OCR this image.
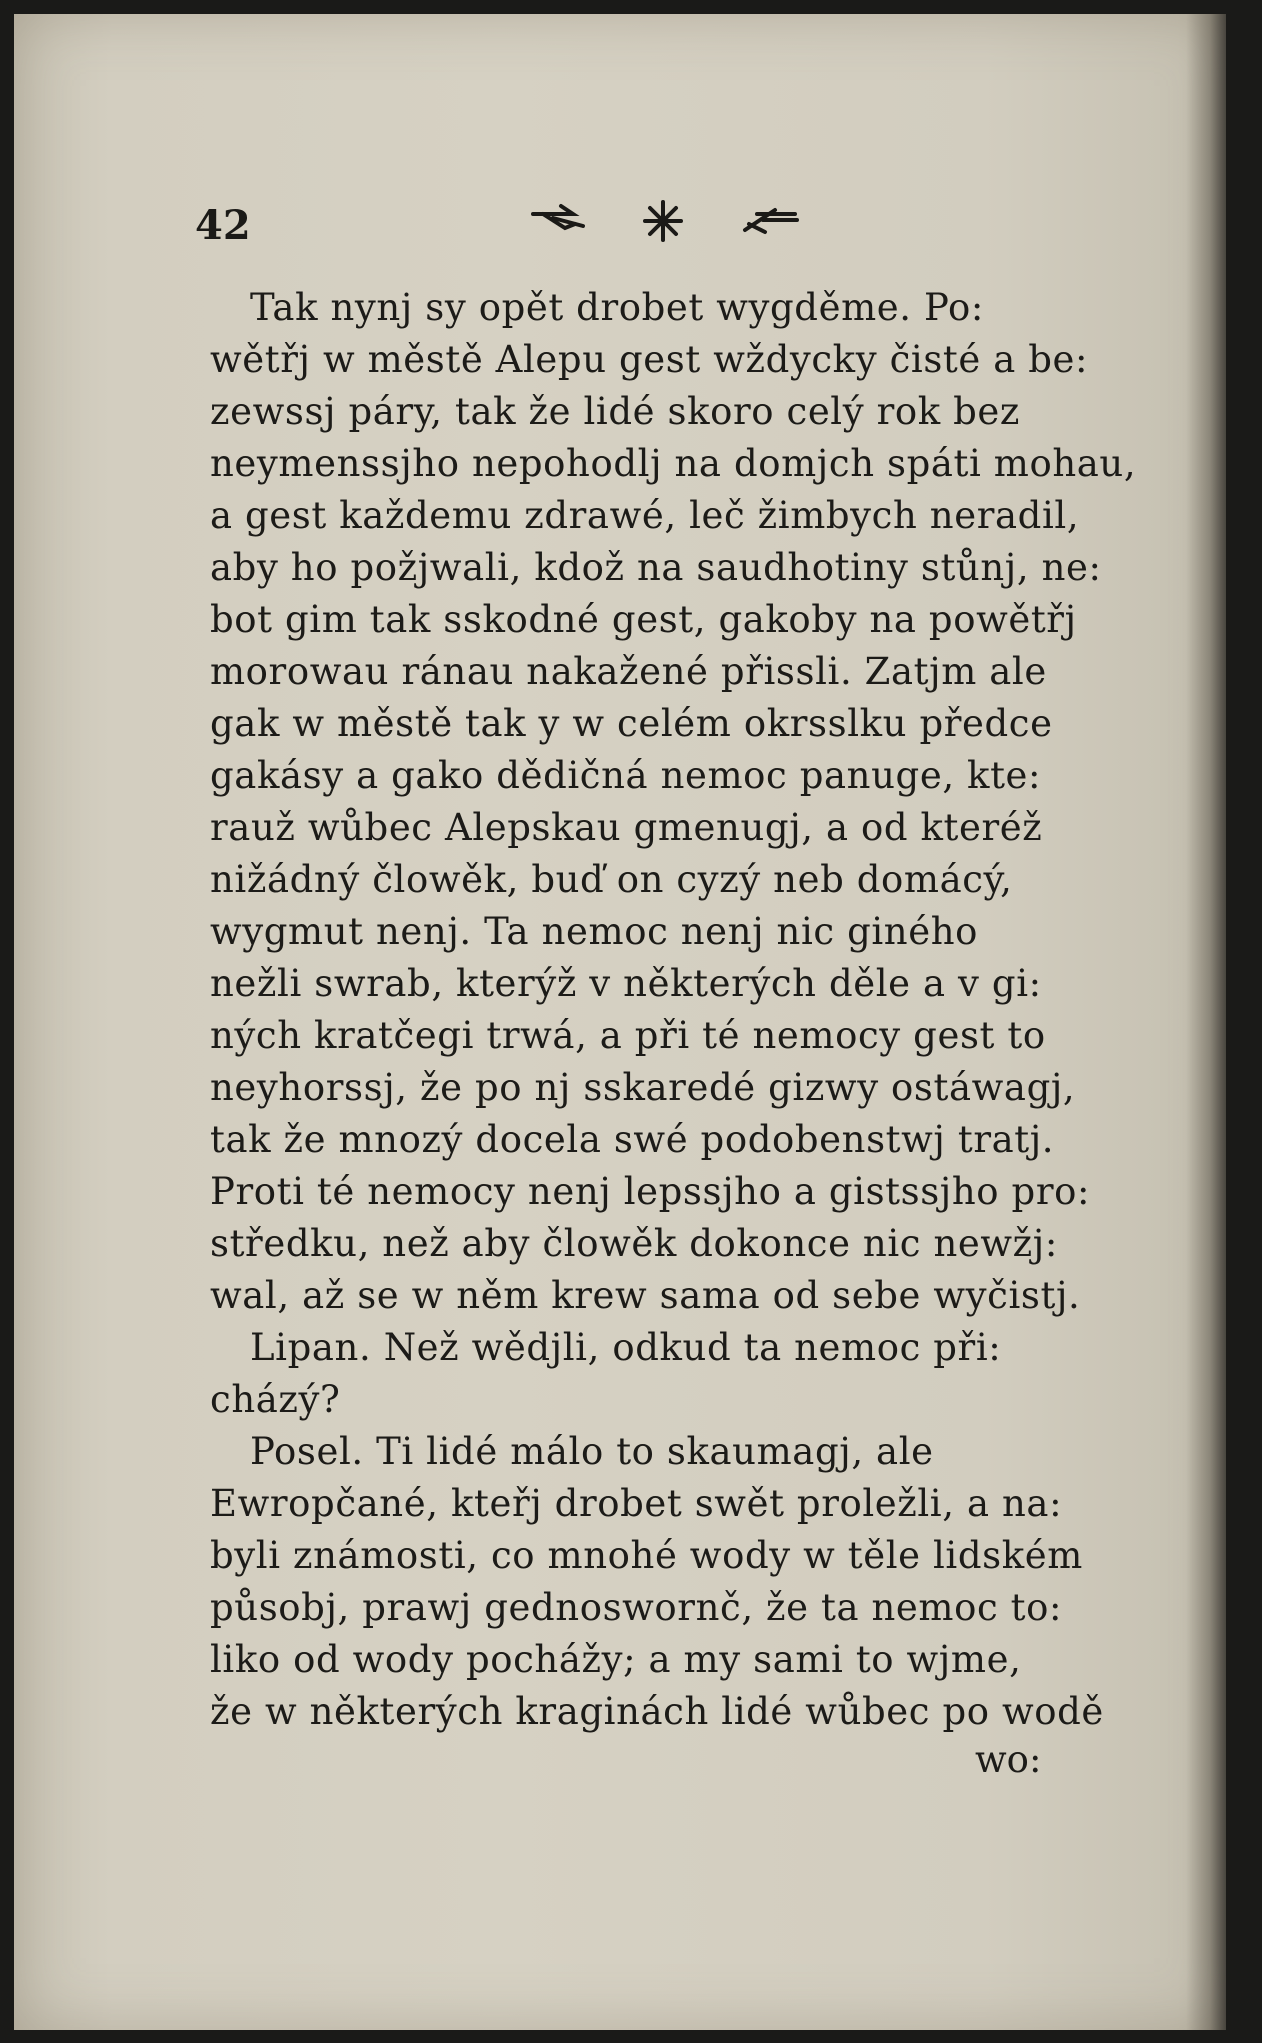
42
Tak nynj sy opět drobet wygděme. Po:
wětřj w městě Alepu gest wždycky čisté a be:
zewssj páry, tak že lidé skoro celý rok bez
neymenssjho nepohodlj na domjch spáti mohau,
a gest každemu zdrawé, leč žimbych neradil,
aby ho požjwali, kdož na saudhotiny stůnj, ne:
bot gim tak sskodné gest, gakoby na powětřj
morowau ránau nakažené přissli. Zatjm ale
gak w městě tak y w celém okrsslku předce
gakásy a gako dědičná nemoc panuge, kte:
rauž wůbec Alepskau gmenugj, a od kteréž
nižádný člowěk, buď on cyzý neb domácý,
wygmut nenj. Ta nemoc nenj nic giného
nežli swrab, kterýž v některých děle a v gi:
ných kratčegi trwá, a při té nemocy gest to
neyhorssj, že po nj sskaredé gizwy ostáwagj,
tak že mnozý docela swé podobenstwj tratj.
Proti té nemocy nenj lepssjho a gistssjho pro:
středku, než aby člowěk dokonce nic newžj:
wal, až se w něm krew sama od sebe wyčistj.
Lipan. Než wědjli, odkud ta nemoc při:
cházý?
Posel. Ti lidé málo to skaumagj, ale
Ewropčané, kteřj drobet swět proležli, a na:
byli známosti, co mnohé wody w těle lidském
působj, prawj gednoswornč, že ta nemoc to:
liko od wody pochážy; a my sami to wjme,
že w některých kraginách lidé wůbec po wodě
wo:
